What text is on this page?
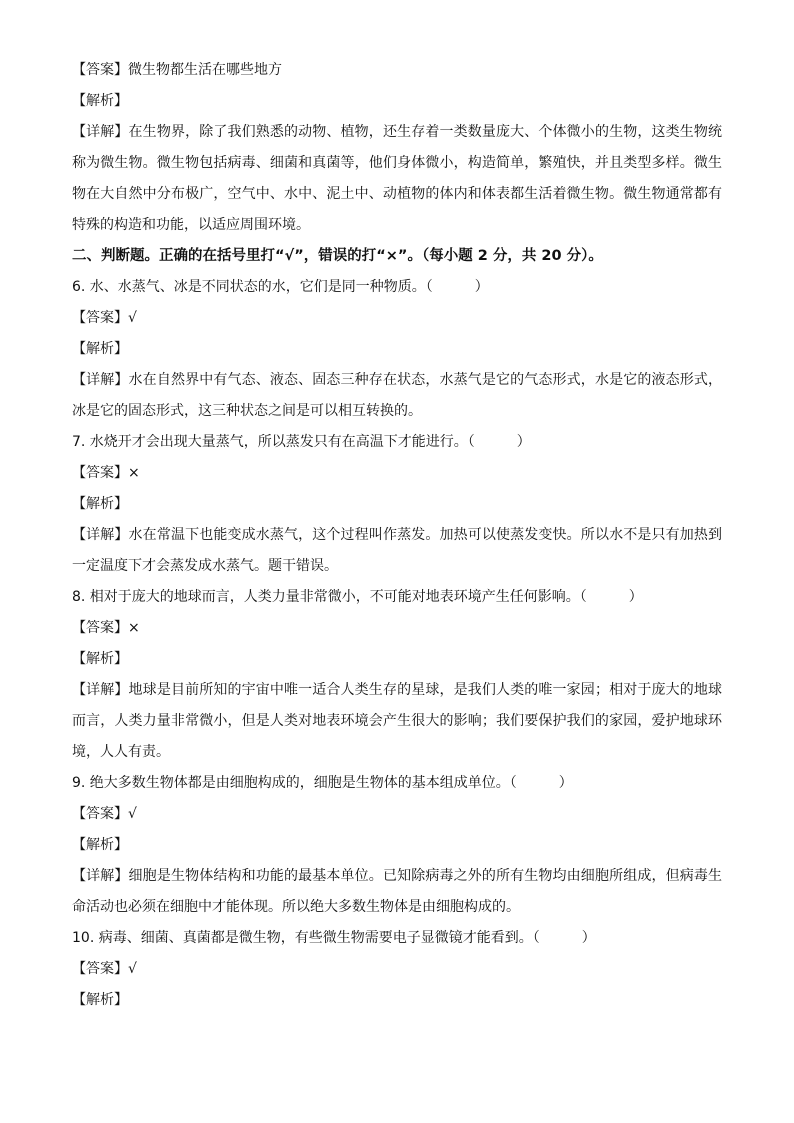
【答案】微生物都生活在哪些地方
【解析】
【详解】在生物界，除了我们熟悉的动物、植物，还生存着一类数量庞大、个体微小的生物，这类生物统称为微生物。微生物包括病毒、细菌和真菌等，他们身体微小，构造简单，繁殖快，并且类型多样。微生物在大自然中分布极广，空气中、水中、泥土中、动植物的体内和体表都生活着微生物。微生物通常都有特殊的构造和功能，以适应周围环境。
二、判断题。正确的在括号里打“√”，错误的打“×”。（每小题 2 分，共 20 分）。
6. 水、水蒸气、冰是不同状态的水，它们是同一种物质。（　　　）
【答案】√
【解析】
【详解】水在自然界中有气态、液态、固态三种存在状态，水蒸气是它的气态形式，水是它的液态形式，冰是它的固态形式，这三种状态之间是可以相互转换的。
7. 水烧开才会出现大量蒸气，所以蒸发只有在高温下才能进行。（　　　）
【答案】×
【解析】
【详解】水在常温下也能变成水蒸气，这个过程叫作蒸发。加热可以使蒸发变快。所以水不是只有加热到一定温度下才会蒸发成水蒸气。题干错误。
8. 相对于庞大的地球而言，人类力量非常微小，不可能对地表环境产生任何影响。（　　　）
【答案】×
【解析】
【详解】地球是目前所知的宇宙中唯一适合人类生存的星球，是我们人类的唯一家园；相对于庞大的地球而言，人类力量非常微小，但是人类对地表环境会产生很大的影响；我们要保护我们的家园，爱护地球环境，人人有责。
9. 绝大多数生物体都是由细胞构成的，细胞是生物体的基本组成单位。（　　　）
【答案】√
【解析】
【详解】细胞是生物体结构和功能的最基本单位。已知除病毒之外的所有生物均由细胞所组成，但病毒生命活动也必须在细胞中才能体现。所以绝大多数生物体是由细胞构成的。
10. 病毒、细菌、真菌都是微生物，有些微生物需要电子显微镜才能看到。（　　　）
【答案】√
【解析】
